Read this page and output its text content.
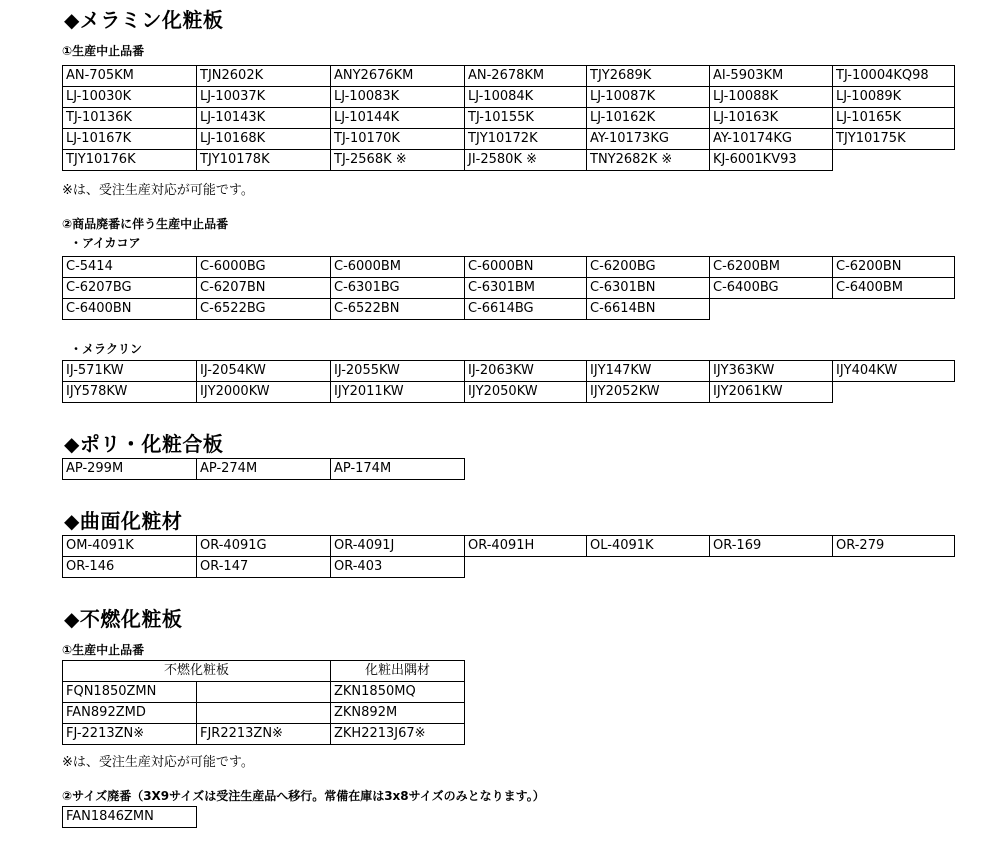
◆メラミン化粧板
①生産中止品番
AN-705KM	TJN2602K	ANY2676KM	AN-2678KM	TJY2689K	AI-5903KM	TJ-10004KQ98
LJ-10030K	LJ-10037K	LJ-10083K	LJ-10084K	LJ-10087K	LJ-10088K	LJ-10089K
TJ-10136K	LJ-10143K	LJ-10144K	TJ-10155K	LJ-10162K	LJ-10163K	LJ-10165K
LJ-10167K	LJ-10168K	TJ-10170K	TJY10172K	AY-10173KG	AY-10174KG	TJY10175K
TJY10176K	TJY10178K	TJ-2568K ※	JI-2580K ※	TNY2682K ※	KJ-6001KV93	
※は、受注生産対応が可能です。
②商品廃番に伴う生産中止品番
・アイカコア
C-5414	C-6000BG	C-6000BM	C-6000BN	C-6200BG	C-6200BM	C-6200BN
C-6207BG	C-6207BN	C-6301BG	C-6301BM	C-6301BN	C-6400BG	C-6400BM
C-6400BN	C-6522BG	C-6522BN	C-6614BG	C-6614BN		
・メラクリン
IJ-571KW	IJ-2054KW	IJ-2055KW	IJ-2063KW	IJY147KW	IJY363KW	IJY404KW
IJY578KW	IJY2000KW	IJY2011KW	IJY2050KW	IJY2052KW	IJY2061KW	
◆ポリ・化粧合板
AP-299M	AP-274M	AP-174M
◆曲面化粧材
OM-4091K	OR-4091G	OR-4091J	OR-4091H	OL-4091K	OR-169	OR-279
OR-146	OR-147	OR-403				
◆不燃化粧板
①生産中止品番
不燃化粧板		化粧出隅材
FQN1850ZMN		ZKN1850MQ
FAN892ZMD		ZKN892M
FJ-2213ZN※	FJR2213ZN※	ZKH2213J67※
※は、受注生産対応が可能です。
②サイズ廃番（3X9サイズは受注生産品へ移行。常備在庫は3x8サイズのみとなります。）
FAN1846ZMN
